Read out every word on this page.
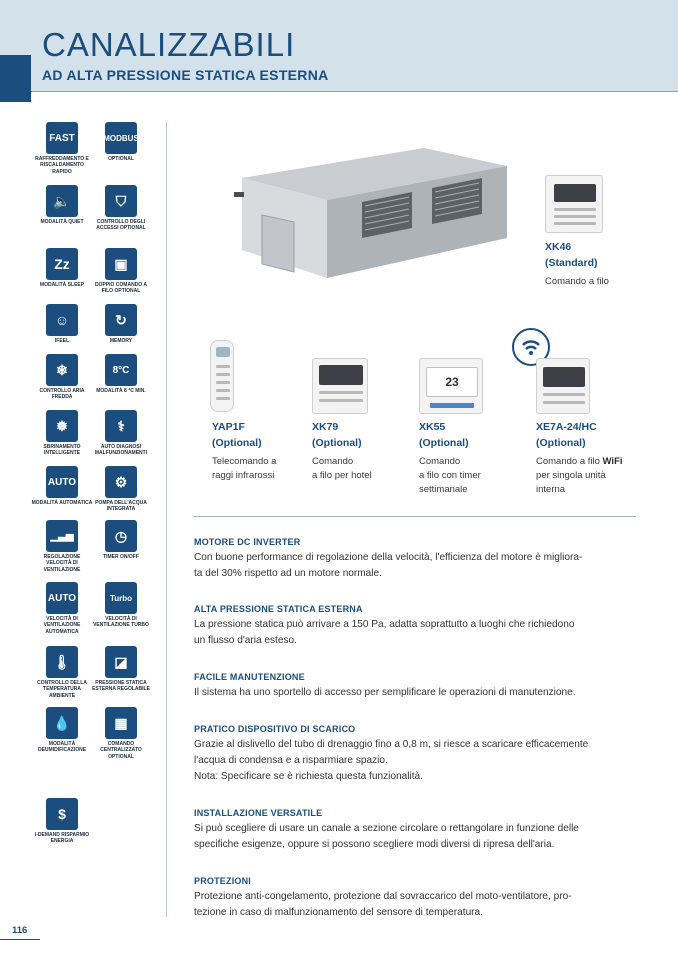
CANALIZZABILI
AD ALTA PRESSIONE STATICA ESTERNA
FAST
RAFFREDDAMENTO E RISCALDAMENTO RAPIDO
MODBUS
OPTIONAL
🔈
MODALITÀ QUIET
⛉
CONTROLLO DEGLI ACCESSI OPTIONAL
Zz
MODALITÀ SLEEP
▣
DOPPIO COMANDO A FILO OPTIONAL
☺
IFEEL
↻
MEMORY
❄
CONTROLLO ARIA FREDDA
8°C
MODALITÀ 8 °C MIN.
❅
SBRINAMENTO INTELLIGENTE
⚕
AUTO DIAGNOSI MALFUNZIONAMENTI
AUTO
MODALITÀ AUTOMATICA
⚙
POMPA DELL'ACQUA INTEGRATA
▁▃▅
REGOLAZIONE VELOCITÀ DI VENTILAZIONE
◷
TIMER ON/OFF
AUTO
VELOCITÀ DI VENTILAZIONE AUTOMATICA
Turbo
VELOCITÀ DI VENTILAZIONE TURBO
🌡
CONTROLLO DELLA TEMPERATURA AMBIENTE
◪
PRESSIONE STATICA ESTERNA REGOLABILE
💧
MODALITÀ DEUMIDIFICAZIONE
▦
COMANDO CENTRALIZZATO OPTIONAL
$
I-DEMAND RISPARMIO ENERGIA
XK46
(Standard)
Comando a filo
YAP1F
(Optional)
Telecomando a
raggi infrarossi
XK79
(Optional)
Comando
a filo per hotel
23
XK55
(Optional)
Comando
a filo con timer
settimanale
XE7A-24/HC
(Optional)
Comando a filo WiFi
per singola unità
interna
MOTORE DC INVERTER

Con buone performance di regolazione della velocità, l'efficienza del motore è migliora-

ta del 30% rispetto ad un motore normale.

ALTA PRESSIONE STATICA ESTERNA

La pressione statica può arrivare a 150 Pa, adatta soprattutto a luoghi che richiedono

un flusso d'aria esteso.

FACILE MANUTENZIONE

Il sistema ha uno sportello di accesso per semplificare le operazioni di manutenzione.

PRATICO DISPOSITIVO DI SCARICO

Grazie al dislivello del tubo di drenaggio fino a 0,8 m, si riesce a scaricare efficacemente

l'acqua di condensa e a risparmiare spazio.

Nota: Specificare se è richiesta questa funzionalità.

INSTALLAZIONE VERSATILE

Si può scegliere di usare un canale a sezione circolare o rettangolare in funzione delle

specifiche esigenze, oppure si possono scegliere modi diversi di ripresa dell'aria.

PROTEZIONI

Protezione anti-congelamento, protezione dal sovraccarico del moto-ventilatore, pro-

tezione in caso di malfunzionamento del sensore di temperatura.

116
